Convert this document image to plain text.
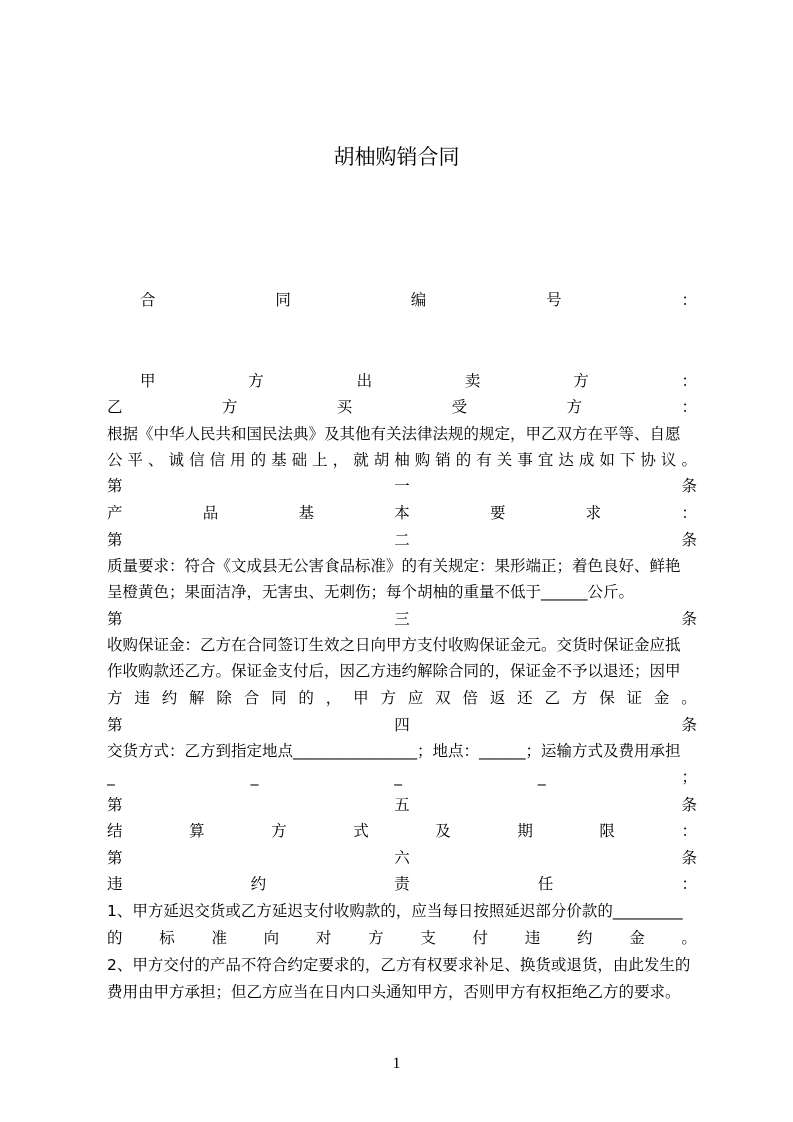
胡柚购销合同
合	同	编	号	：
甲	方	出	卖	方	：
乙	方	买	受	方	：
根据《中华人民共和国民法典》及其他有关法律法规的规定，甲乙双方在平等、自愿
公 平 、 诚 信 信 用 的 基 础 上 ， 就 胡 柚 购 销 的 有 关 事 宜 达 成 如 下 协 议 。
第	一	条
产	品	基	本	要	求	：
第	二	条
质量要求：符合《文成县无公害食品标准》的有关规定：果形端正；着色良好、鲜艳
呈橙黄色；果面洁净，无害虫、无刺伤；每个胡柚的重量不低于______公斤。
第	三	条
收购保证金：乙方在合同签订生效之日向甲方支付收购保证金元。交货时保证金应抵
作收购款还乙方。保证金支付后，因乙方违约解除合同的，保证金不予以退还；因甲
方 违 约 解 除 合 同 的 ， 甲 方 应 双 倍 返 还 乙 方 保 证 金 。
第	四	条
交货方式：乙方到指定地点________________；地点：______；运输方式及费用承担
_	_	_	_	；
第	五	条
结	算	方	式	及	期	限	：
第	六	条
违	约	责	任	：
1、甲方延迟交货或乙方延迟支付收购款的，应当每日按照延迟部分价款的_________
的 标 准 向 对 方 支 付 违 约 金 。
2、甲方交付的产品不符合约定要求的，乙方有权要求补足、换货或退货，由此发生的
费用由甲方承担；但乙方应当在日内口头通知甲方，否则甲方有权拒绝乙方的要求。
1
